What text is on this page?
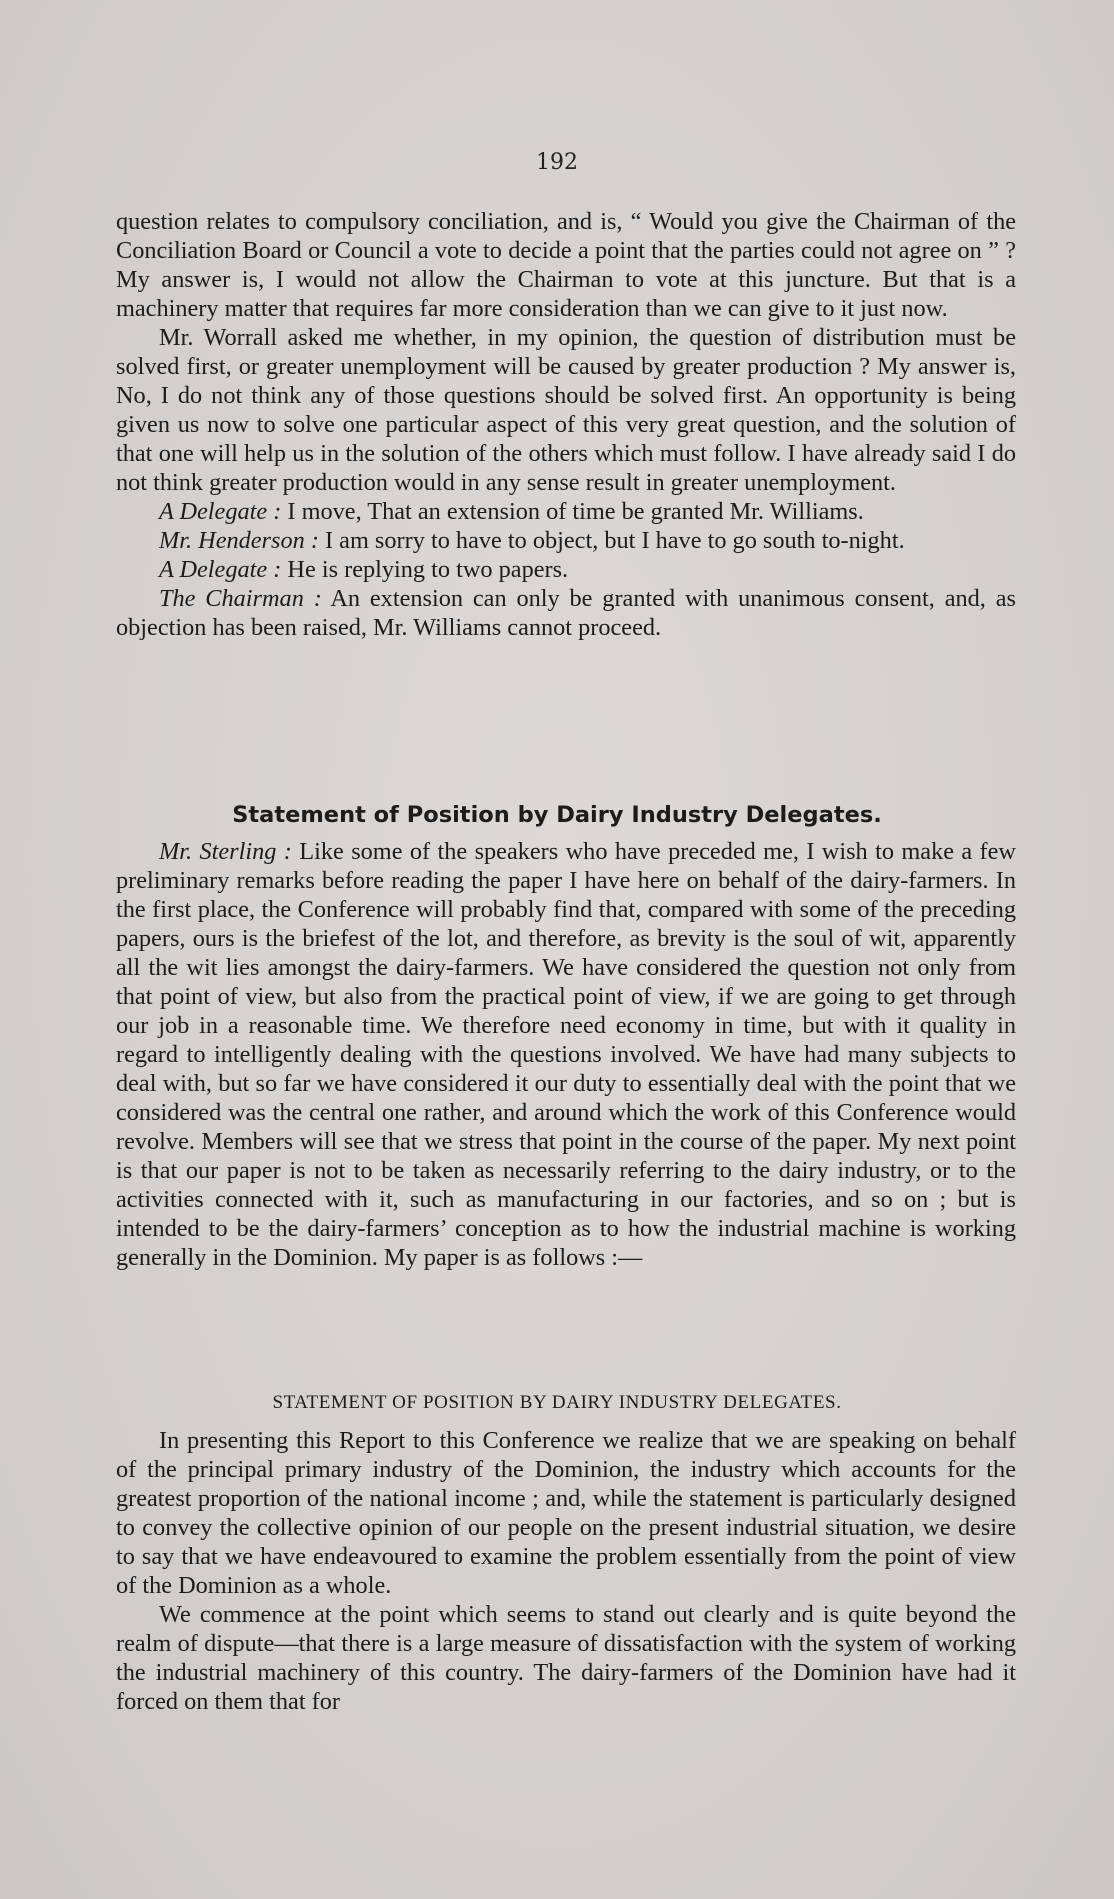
192

question relates to compulsory conciliation, and is, “ Would you give the Chairman of the Conciliation Board or Council a vote to decide a point that the parties could not agree on ” ? My answer is, I would not allow the Chairman to vote at this juncture. But that is a machinery matter that requires far more consideration than we can give to it just now.

Mr. Worrall asked me whether, in my opinion, the question of distribution must be solved first, or greater unemployment will be caused by greater production ? My answer is, No, I do not think any of those questions should be solved first. An opportunity is being given us now to solve one particular aspect of this very great question, and the solution of that one will help us in the solution of the others which must follow. I have already said I do not think greater production would in any sense result in greater unemployment.

A Delegate : I move, That an extension of time be granted Mr. Williams.

Mr. Henderson : I am sorry to have to object, but I have to go south to-night.

A Delegate : He is replying to two papers.

The Chairman : An extension can only be granted with unanimous consent, and, as objection has been raised, Mr. Williams cannot proceed.

Statement of Position by Dairy Industry Delegates.

Mr. Sterling : Like some of the speakers who have preceded me, I wish to make a few preliminary remarks before reading the paper I have here on behalf of the dairy-farmers. In the first place, the Conference will probably find that, compared with some of the preceding papers, ours is the briefest of the lot, and therefore, as brevity is the soul of wit, apparently all the wit lies amongst the dairy-farmers. We have considered the question not only from that point of view, but also from the practical point of view, if we are going to get through our job in a reasonable time. We therefore need economy in time, but with it quality in regard to intelligently dealing with the questions involved. We have had many subjects to deal with, but so far we have considered it our duty to essentially deal with the point that we considered was the central one rather, and around which the work of this Conference would revolve. Members will see that we stress that point in the course of the paper. My next point is that our paper is not to be taken as necessarily referring to the dairy industry, or to the activities connected with it, such as manufacturing in our factories, and so on ; but is intended to be the dairy-farmers’ conception as to how the industrial machine is working generally in the Dominion. My paper is as follows :—

STATEMENT OF POSITION BY DAIRY INDUSTRY DELEGATES.

In presenting this Report to this Conference we realize that we are speaking on behalf of the principal primary industry of the Dominion, the industry which accounts for the greatest proportion of the national income ; and, while the statement is particularly designed to convey the collective opinion of our people on the present industrial situation, we desire to say that we have endeavoured to examine the problem essentially from the point of view of the Dominion as a whole.

We commence at the point which seems to stand out clearly and is quite beyond the realm of dispute—that there is a large measure of dissatisfaction with the system of working the industrial machinery of this country. The dairy-farmers of the Dominion have had it forced on them that for
